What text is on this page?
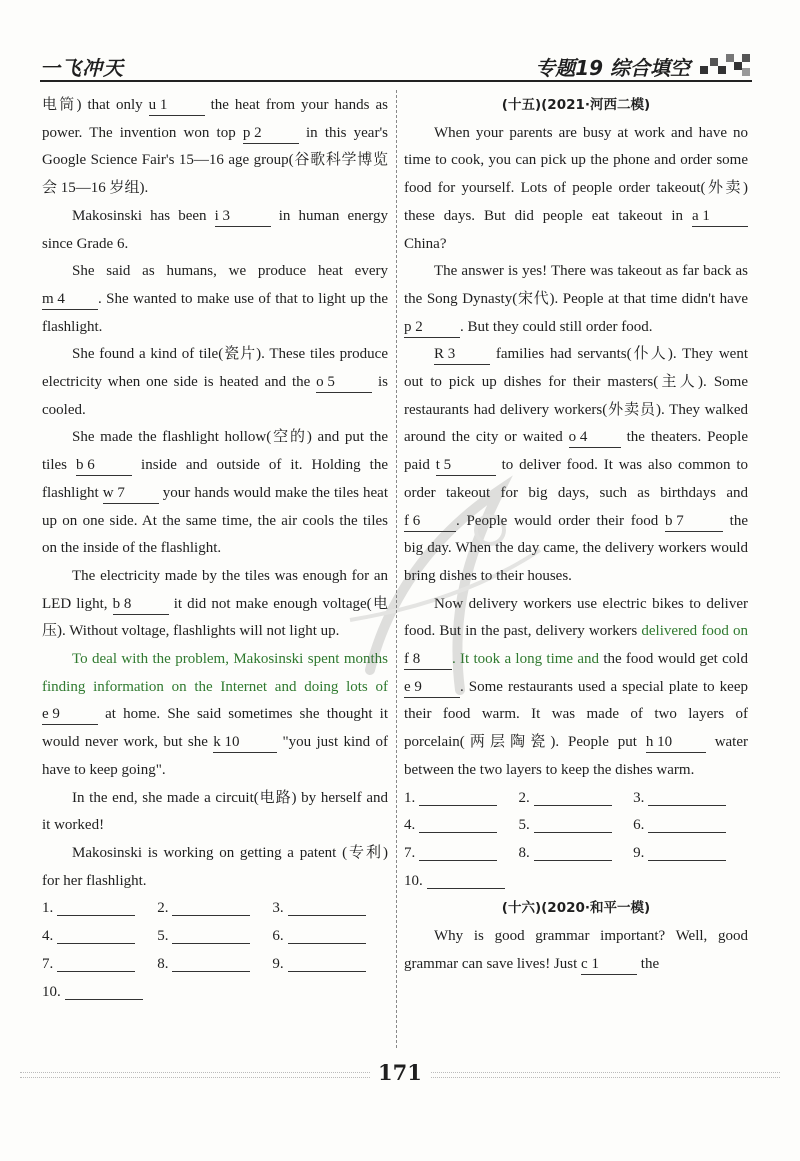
一飞冲天	专题19 综合填空

电筒) that only u 1 the heat from your hands as power. The invention won top p 2 in this year's Google Science Fair's 15—16 age group(谷歌科学博览会 15—16 岁组).

Makosinski has been i 3	in human energy since Grade 6.

She said as humans, we produce heat every m 4 . She wanted to make use of that to light up the flashlight.

She found a kind of tile(瓷片). These tiles produce electricity when one side is heated and the o 5 is cooled.

She made the flashlight hollow(空的) and put the tiles b 6 inside and outside of it. Holding the flashlight w 7 your hands would make the tiles heat up on one side. At the same time, the air cools the tiles on the inside of the flashlight.

The electricity made by the tiles was enough for an LED light, b 8 it did not make enough voltage(电压). Without voltage, flashlights will not light up.

To deal with the problem, Makosinski spent months finding information on the Internet and doing lots of e 9	at home. She said sometimes she thought it would never work, but she k 10	"you just kind of have to keep going".

In the end, she made a circuit(电路) by herself and it worked!

Makosinski is working on getting a patent (专利) for her flashlight.

1.	2.	3.
4.	5.	6.
7.	8.	9.
10.

(十五)(2021·河西二模)

When your parents are busy at work and have no time to cook, you can pick up the phone and order some food for yourself. Lots of people order takeout(外卖) these days. But did people eat takeout in a 1 China?

The answer is yes! There was takeout as far back as the Song Dynasty(宋代). People at that time didn't have p 2 . But they could still order food.

R 3 families had servants(仆人). They went out to pick up dishes for their masters(主人). Some restaurants had delivery workers(外卖员). They walked around the city or waited o 4 the theaters. People paid t 5	to deliver food. It was also common to order takeout for big days, such as birthdays and f 6 . People would order their food b 7	the big day. When the day came, the delivery workers would bring dishes to their houses.

Now delivery workers use electric bikes to deliver food. But in the past, delivery workers delivered food on f 8 . It took a long time and the food would get cold e 9	. Some restaurants used a special plate to keep their food warm. It was made of two layers of porcelain(两层陶瓷). People put h 10 water between the two layers to keep the dishes warm.

1.	2.	3.
4.	5.	6.
7.	8.	9.
10.

(十六)(2020·和平一模)

Why is good grammar important? Well, good grammar can save lives! Just c 1	the

171
